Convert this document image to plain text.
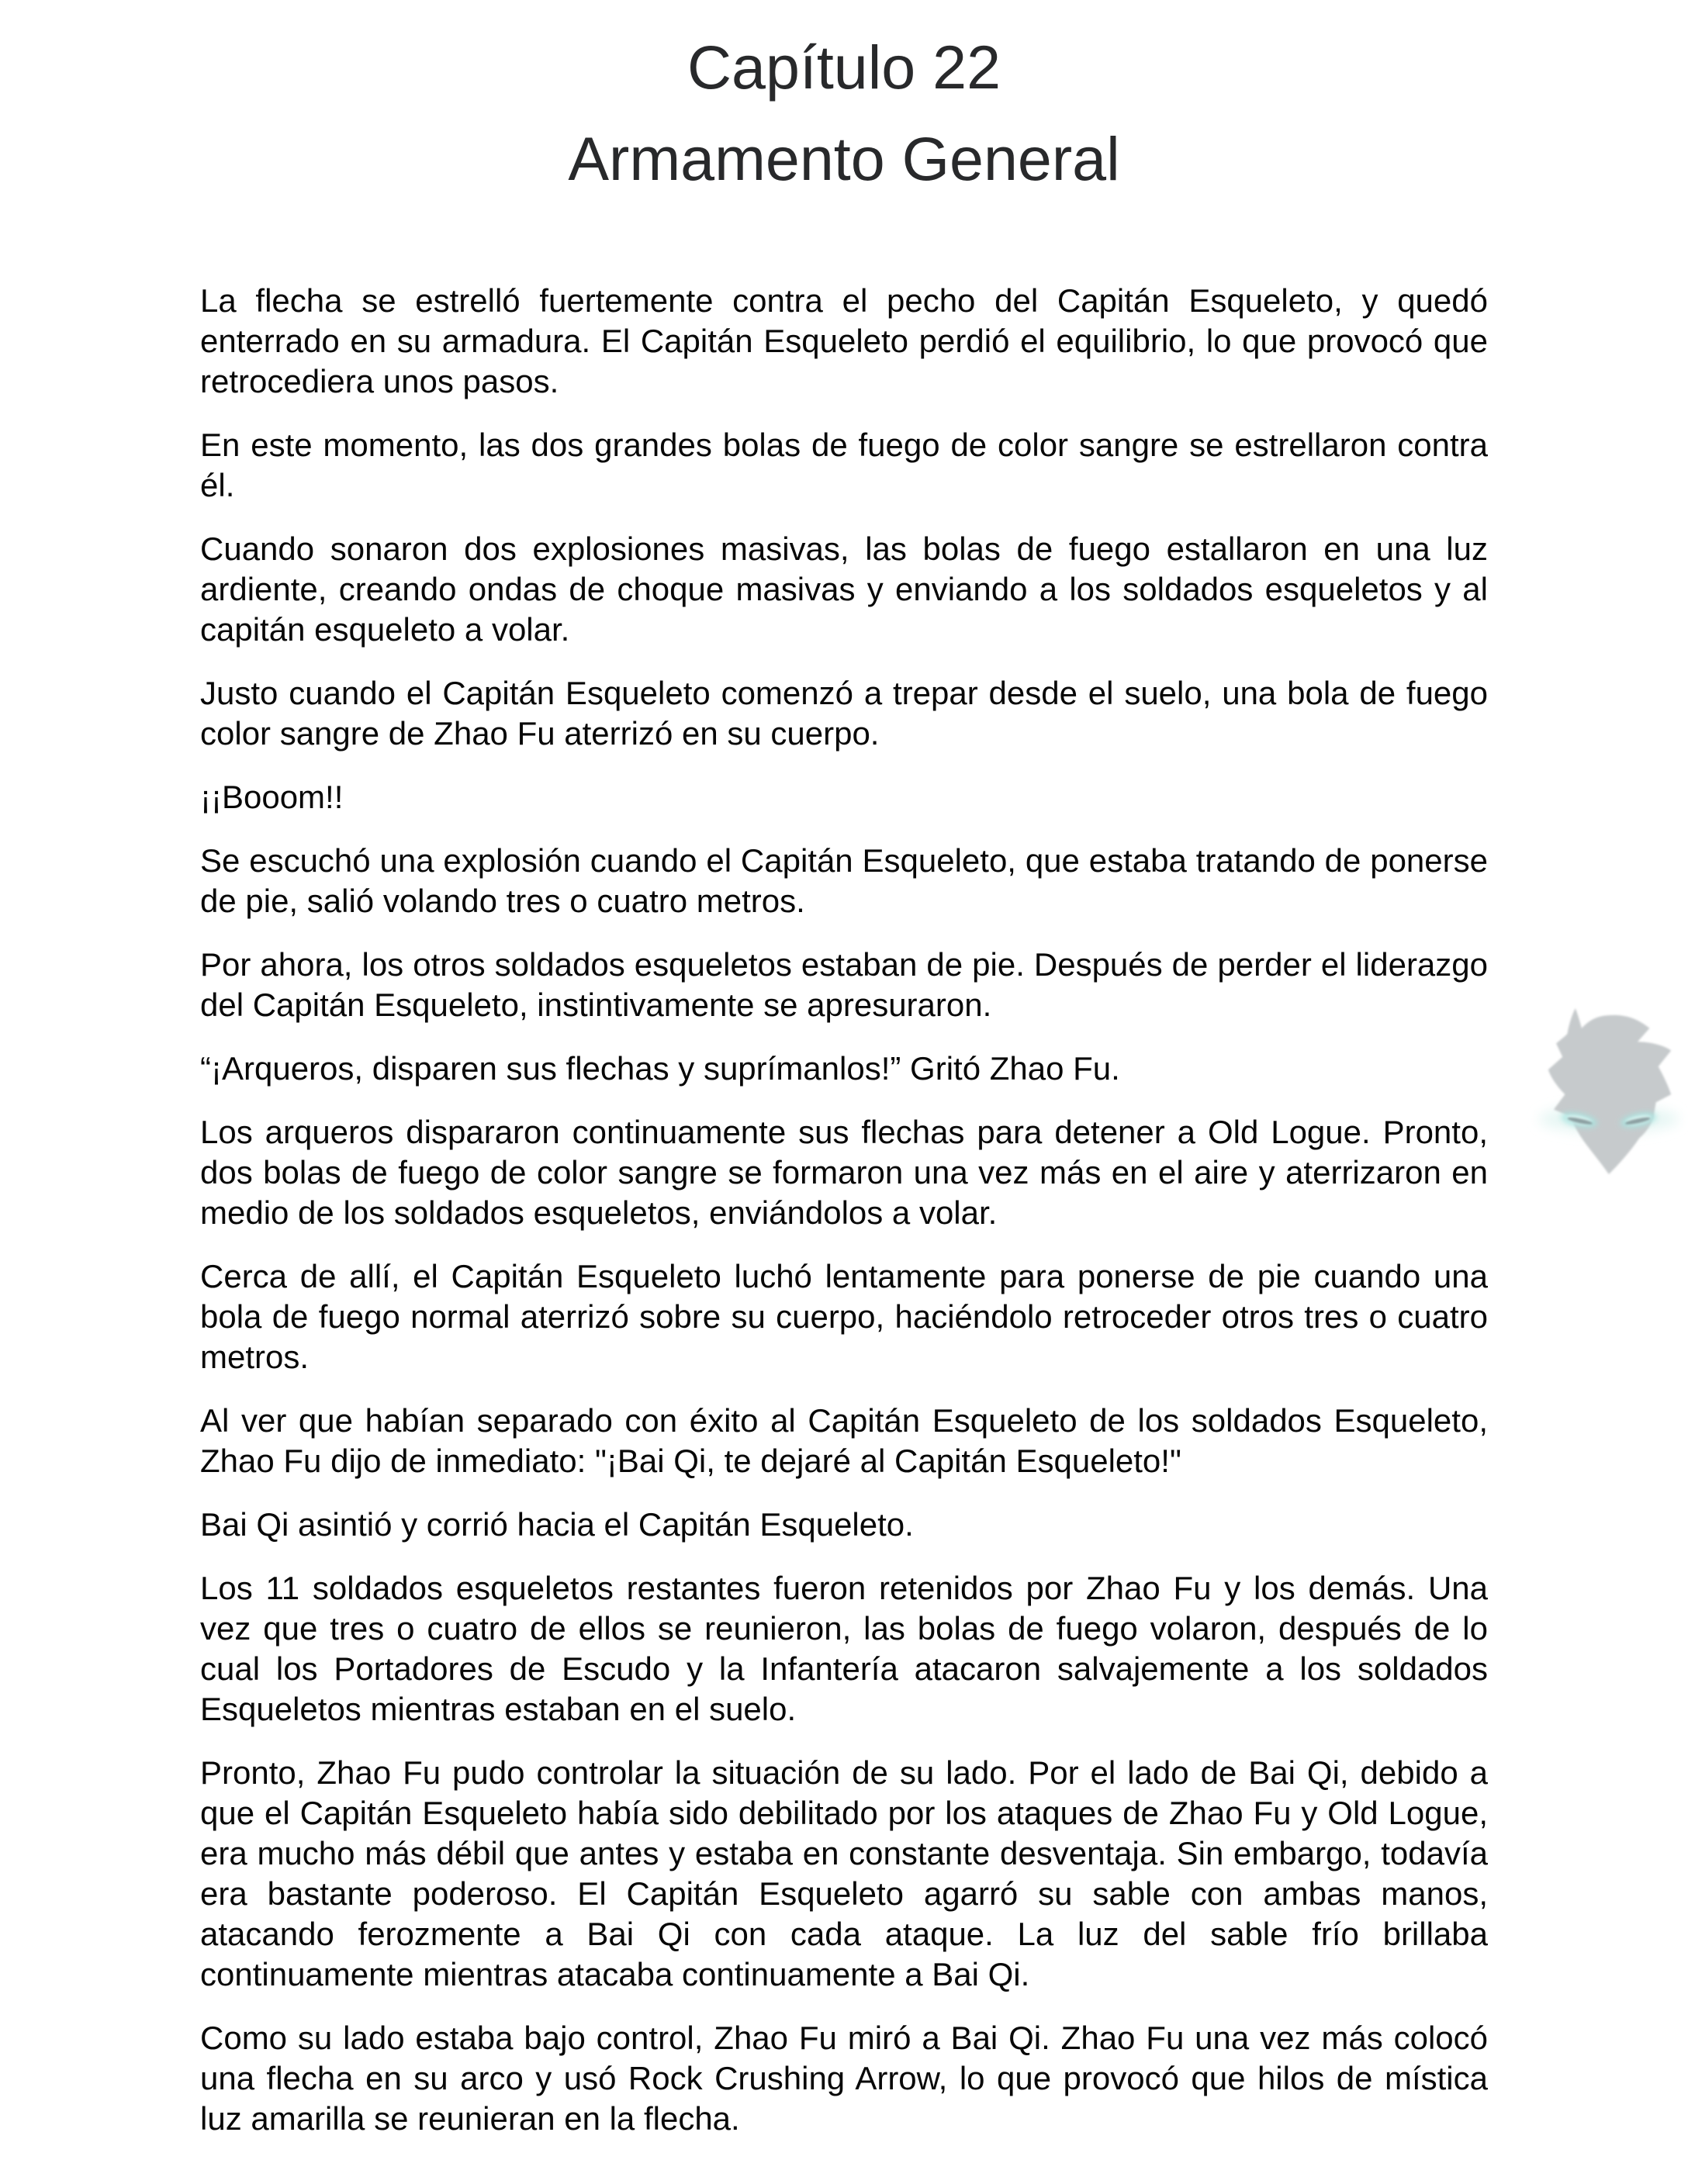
Capítulo 22
Armamento General

La flecha se estrelló fuertemente contra el pecho del Capitán Esqueleto, y quedó enterrado en su armadura. El Capitán Esqueleto perdió el equilibrio, lo que provocó que retrocediera unos pasos.

En este momento, las dos grandes bolas de fuego de color sangre se estrellaron contra él.

Cuando sonaron dos explosiones masivas, las bolas de fuego estallaron en una luz ardiente, creando ondas de choque masivas y enviando a los soldados esqueletos y al capitán esqueleto a volar.

Justo cuando el Capitán Esqueleto comenzó a trepar desde el suelo, una bola de fuego color sangre de Zhao Fu aterrizó en su cuerpo.

¡¡Booom!!

Se escuchó una explosión cuando el Capitán Esqueleto, que estaba tratando de ponerse de pie, salió volando tres o cuatro metros.

Por ahora, los otros soldados esqueletos estaban de pie. Después de perder el liderazgo del Capitán Esqueleto, instintivamente se apresuraron.

“¡Arqueros, disparen sus flechas y suprímanlos!” Gritó Zhao Fu.

Los arqueros dispararon continuamente sus flechas para detener a Old Logue. Pronto, dos bolas de fuego de color sangre se formaron una vez más en el aire y aterrizaron en medio de los soldados esqueletos, enviándolos a volar.

Cerca de allí, el Capitán Esqueleto luchó lentamente para ponerse de pie cuando una bola de fuego normal aterrizó sobre su cuerpo, haciéndolo retroceder otros tres o cuatro metros.

Al ver que habían separado con éxito al Capitán Esqueleto de los soldados Esqueleto, Zhao Fu dijo de inmediato: "¡Bai Qi, te dejaré al Capitán Esqueleto!"

Bai Qi asintió y corrió hacia el Capitán Esqueleto.

Los 11 soldados esqueletos restantes fueron retenidos por Zhao Fu y los demás. Una vez que tres o cuatro de ellos se reunieron, las bolas de fuego volaron, después de lo cual los Portadores de Escudo y la Infantería atacaron salvajemente a los soldados Esqueletos mientras estaban en el suelo.

Pronto, Zhao Fu pudo controlar la situación de su lado. Por el lado de Bai Qi, debido a que el Capitán Esqueleto había sido debilitado por los ataques de Zhao Fu y Old Logue, era mucho más débil que antes y estaba en constante desventaja. Sin embargo, todavía era bastante poderoso. El Capitán Esqueleto agarró su sable con ambas manos, atacando ferozmente a Bai Qi con cada ataque. La luz del sable frío brillaba continuamente mientras atacaba continuamente a Bai Qi.

Como su lado estaba bajo control, Zhao Fu miró a Bai Qi. Zhao Fu una vez más colocó una flecha en su arco y usó Rock Crushing Arrow, lo que provocó que hilos de mística luz amarilla se reunieran en la flecha.
